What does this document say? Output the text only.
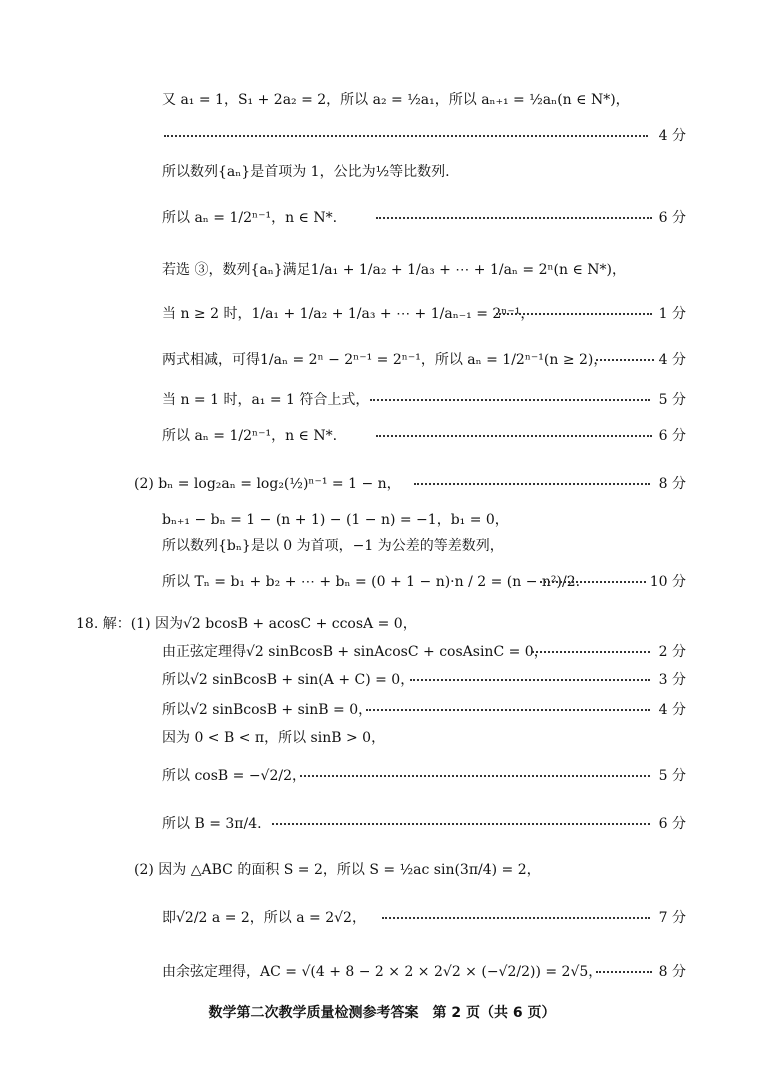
又 a₁ = 1，S₁ + 2a₂ = 2，所以 a₂ = ½a₁，所以 aₙ₊₁ = ½aₙ(n ∈ N*)，
4 分
所以数列{aₙ}是首项为 1，公比为½等比数列.
所以 aₙ = 1/2ⁿ⁻¹，n ∈ N*.	6 分
若选 ③，数列{aₙ}满足1/a₁ + 1/a₂ + 1/a₃ + ⋯ + 1/aₙ = 2ⁿ(n ∈ N*)，
当 n ≥ 2 时，1/a₁ + 1/a₂ + 1/a₃ + ⋯ + 1/aₙ₋₁ = 2ⁿ⁻¹，	1 分
两式相减，可得1/aₙ = 2ⁿ − 2ⁿ⁻¹ = 2ⁿ⁻¹，所以 aₙ = 1/2ⁿ⁻¹(n ≥ 2)，	4 分
当 n = 1 时，a₁ = 1 符合上式，	5 分
所以 aₙ = 1/2ⁿ⁻¹，n ∈ N*.	6 分
(2) bₙ = log₂aₙ = log₂(½)ⁿ⁻¹ = 1 − n，	8 分
bₙ₊₁ − bₙ = 1 − (n + 1) − (1 − n) = −1，b₁ = 0，
所以数列{bₙ}是以 0 为首项，−1 为公差的等差数列，
所以 Tₙ = b₁ + b₂ + ⋯ + bₙ = (0 + 1 − n)·n / 2 = (n − n²)/2.	10 分
18. 解：(1) 因为√2 bcosB + acosC + ccosA = 0，
由正弦定理得√2 sinBcosB + sinAcosC + cosAsinC = 0，	2 分
所以√2 sinBcosB + sin(A + C) = 0，	3 分
所以√2 sinBcosB + sinB = 0，	4 分
因为 0 < B < π，所以 sinB > 0，
所以 cosB = −√2/2，	5 分
所以 B = 3π/4.	6 分
(2) 因为 △ABC 的面积 S = 2，所以 S = ½ac sin(3π/4) = 2，
即√2/2 a = 2，所以 a = 2√2，	7 分
由余弦定理得，AC = √(4 + 8 − 2 × 2 × 2√2 × (−√2/2)) = 2√5，	8 分
数学第二次教学质量检测参考答案　第 2 页（共 6 页）
